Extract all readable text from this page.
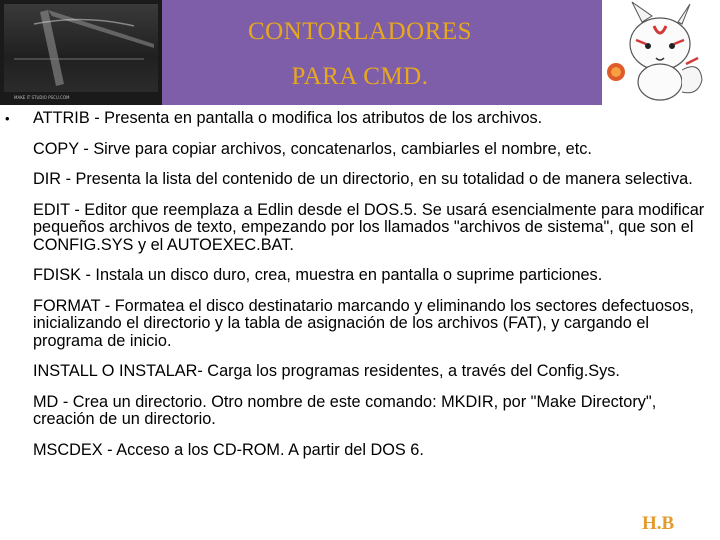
MAKE IT STUDIO PSCU.COM
CONTORLADORES
PARA CMD.
• ATTRIB - Presenta en pantalla o modifica los atributos de los archivos.
COPY - Sirve para copiar archivos, concatenarlos, cambiarles el nombre, etc.
DIR - Presenta la lista del contenido de un directorio, en su totalidad o de manera selectiva.
EDIT - Editor que reemplaza a Edlin desde el DOS.5. Se usará esencialmente para modificar pequeños archivos de texto, empezando por los llamados "archivos de sistema", que son el CONFIG.SYS y el AUTOEXEC.BAT.
FDISK - Instala un disco duro, crea, muestra en pantalla o suprime particiones.
FORMAT - Formatea el disco destinatario marcando y eliminando los sectores defectuosos, inicializando el directorio y la tabla de asignación de los archivos (FAT), y cargando el programa de inicio.
INSTALL O INSTALAR- Carga los programas residentes, a través del Config.Sys.
MD - Crea un directorio. Otro nombre de este comando: MKDIR, por "Make Directory", creación de un directorio.
MSCDEX - Acceso a los CD-ROM. A partir del DOS 6.
H.B
